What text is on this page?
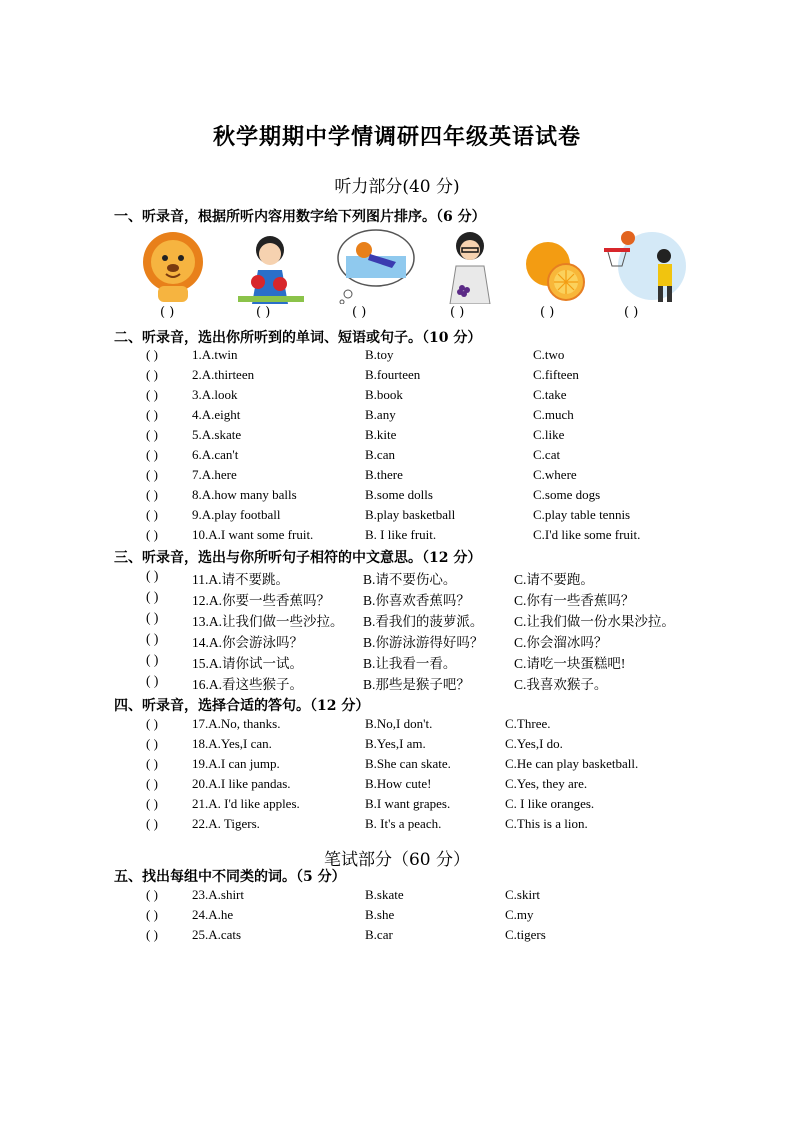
秋学期期中学情调研四年级英语试卷
听力部分(40 分)
一、听录音，根据所听内容用数字给下列图片排序。（6 分）
( )	( )	( )	( )	( )	( )
二、听录音，选出你所听到的单词、短语或句子。（10 分）
( )	1.A.twin	B.toy	C.two
( )	2.A.thirteen	B.fourteen	C.fifteen
( )	3.A.look	B.book	C.take
( )	4.A.eight	B.any	C.much
( )	5.A.skate	B.kite	C.like
( )	6.A.can't	B.can	C.cat
( )	7.A.here	B.there	C.where
( )	8.A.how many balls	B.some dolls	C.some dogs
( )	9.A.play football	B.play basketball	C.play table tennis
( )	10.A.I want some fruit.	B. I like fruit.	C.I'd like some fruit.
三、听录音，选出与你所听句子相符的中文意思。（12 分）
( ) 11.A.请不要跳。	B.请不要伤心。	C.请不要跑。
( ) 12.A.你要一些香蕉吗？ B.你喜欢香蕉吗？	C.你有一些香蕉吗？
( ) 13.A.让我们做一些沙拉。 B.看我们的菠萝派。 C.让我们做一份水果沙拉。
( ) 14.A.你会游泳吗？	B.你游泳游得好吗？ C.你会溜冰吗？
( ) 15.A.请你试一试。	B.让我看一看。	C.请吃一块蛋糕吧!
( ) 16.A.看这些猴子。	B.那些是猴子吧？	C.我喜欢猴子。
四、听录音，选择合适的答句。（12 分）
( )	17.A.No, thanks.	B.No,I don't.	C.Three.
( )	18.A.Yes,I can.	B.Yes,I am.	C.Yes,I do.
( )	19.A.I can jump.	B.She can skate.	C.He can play basketball.
( )	20.A.I like pandas.	B.How cute!	C.Yes, they are.
( )	21.A. I'd like apples.	B.I want grapes.	C. I like oranges.
( )	22.A. Tigers.	B. It's a peach.	C.This is a lion.
笔试部分（60 分）
五、找出每组中不同类的词。（5 分）
( )	23.A.shirt	B.skate	C.skirt
( )	24.A.he	B.she	C.my
( )	25.A.cats	B.car	C.tigers
